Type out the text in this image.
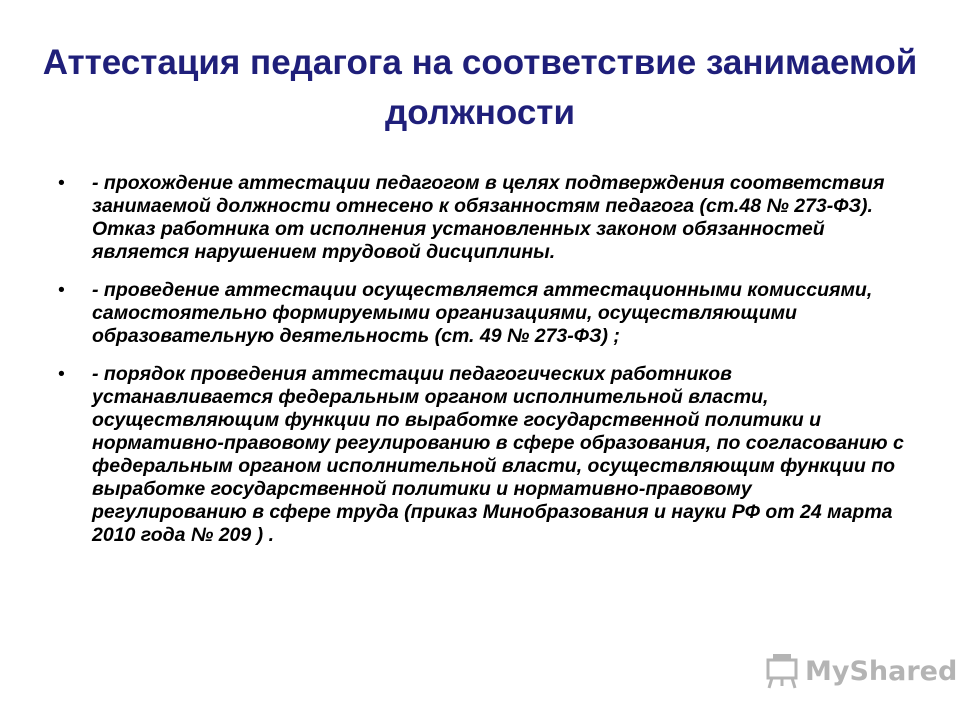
Аттестация педагога на соответствие занимаемой должности
• - прохождение аттестации педагогом в целях подтверждения соответствия занимаемой должности отнесено к обязанностям педагога (ст.48 № 273-ФЗ). Отказ работника от исполнения установленных законом обязанностей является нарушением трудовой дисциплины.
• - проведение аттестации осуществляется аттестационными комиссиями, самостоятельно формируемыми организациями, осуществляющими образовательную деятельность (ст. 49 № 273-ФЗ) ;
• - порядок проведения аттестации педагогических работников устанавливается федеральным органом исполнительной власти, осуществляющим функции по выработке государственной политики и нормативно-правовому регулированию в сфере образования, по согласованию с федеральным органом исполнительной власти, осуществляющим функции по выработке государственной политики и нормативно-правовому регулированию в сфере труда (приказ Минобразования и науки РФ от 24 марта 2010 года № 209 ) .
MyShared
